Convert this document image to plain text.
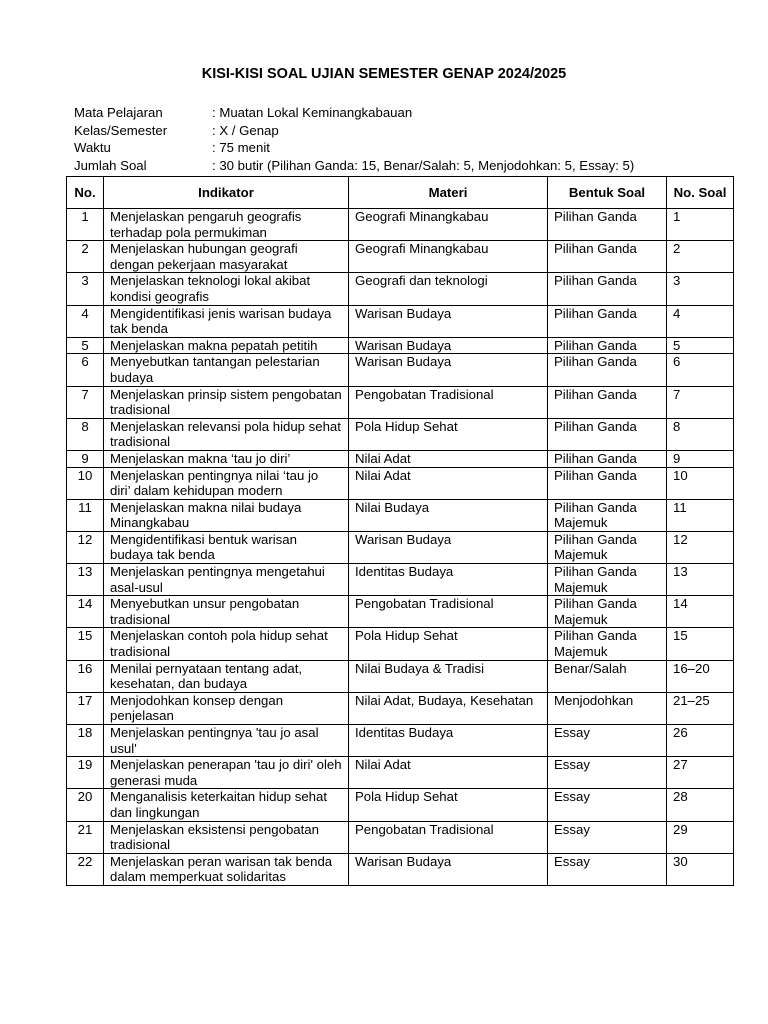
KISI-KISI SOAL UJIAN SEMESTER GENAP 2024/2025
Mata Pelajaran	: Muatan Lokal Keminangkabauan
Kelas/Semester	: X / Genap
Waktu	: 75 menit
Jumlah Soal	: 30 butir (Pilihan Ganda: 15, Benar/Salah: 5, Menjodohkan: 5, Essay: 5)
No.	Indikator	Materi	Bentuk Soal	No. Soal
1	Menjelaskan pengaruh geografis terhadap pola permukiman	Geografi Minangkabau	Pilihan Ganda	1
2	Menjelaskan hubungan geografi dengan pekerjaan masyarakat	Geografi Minangkabau	Pilihan Ganda	2
3	Menjelaskan teknologi lokal akibat kondisi geografis	Geografi dan teknologi	Pilihan Ganda	3
4	Mengidentifikasi jenis warisan budaya tak benda	Warisan Budaya	Pilihan Ganda	4
5	Menjelaskan makna pepatah petitih	Warisan Budaya	Pilihan Ganda	5
6	Menyebutkan tantangan pelestarian budaya	Warisan Budaya	Pilihan Ganda	6
7	Menjelaskan prinsip sistem pengobatan tradisional	Pengobatan Tradisional	Pilihan Ganda	7
8	Menjelaskan relevansi pola hidup sehat tradisional	Pola Hidup Sehat	Pilihan Ganda	8
9	Menjelaskan makna ‘tau jo diri’	Nilai Adat	Pilihan Ganda	9
10	Menjelaskan pentingnya nilai ‘tau jo diri’ dalam kehidupan modern	Nilai Adat	Pilihan Ganda	10
11	Menjelaskan makna nilai budaya Minangkabau	Nilai Budaya	Pilihan Ganda Majemuk	11
12	Mengidentifikasi bentuk warisan budaya tak benda	Warisan Budaya	Pilihan Ganda Majemuk	12
13	Menjelaskan pentingnya mengetahui asal-usul	Identitas Budaya	Pilihan Ganda Majemuk	13
14	Menyebutkan unsur pengobatan tradisional	Pengobatan Tradisional	Pilihan Ganda Majemuk	14
15	Menjelaskan contoh pola hidup sehat tradisional	Pola Hidup Sehat	Pilihan Ganda Majemuk	15
16	Menilai pernyataan tentang adat, kesehatan, dan budaya	Nilai Budaya & Tradisi	Benar/Salah	16–20
17	Menjodohkan konsep dengan penjelasan	Nilai Adat, Budaya, Kesehatan	Menjodohkan	21–25
18	Menjelaskan pentingnya 'tau jo asal usul'	Identitas Budaya	Essay	26
19	Menjelaskan penerapan 'tau jo diri' oleh generasi muda	Nilai Adat	Essay	27
20	Menganalisis keterkaitan hidup sehat dan lingkungan	Pola Hidup Sehat	Essay	28
21	Menjelaskan eksistensi pengobatan tradisional	Pengobatan Tradisional	Essay	29
22	Menjelaskan peran warisan tak benda dalam memperkuat solidaritas	Warisan Budaya	Essay	30
